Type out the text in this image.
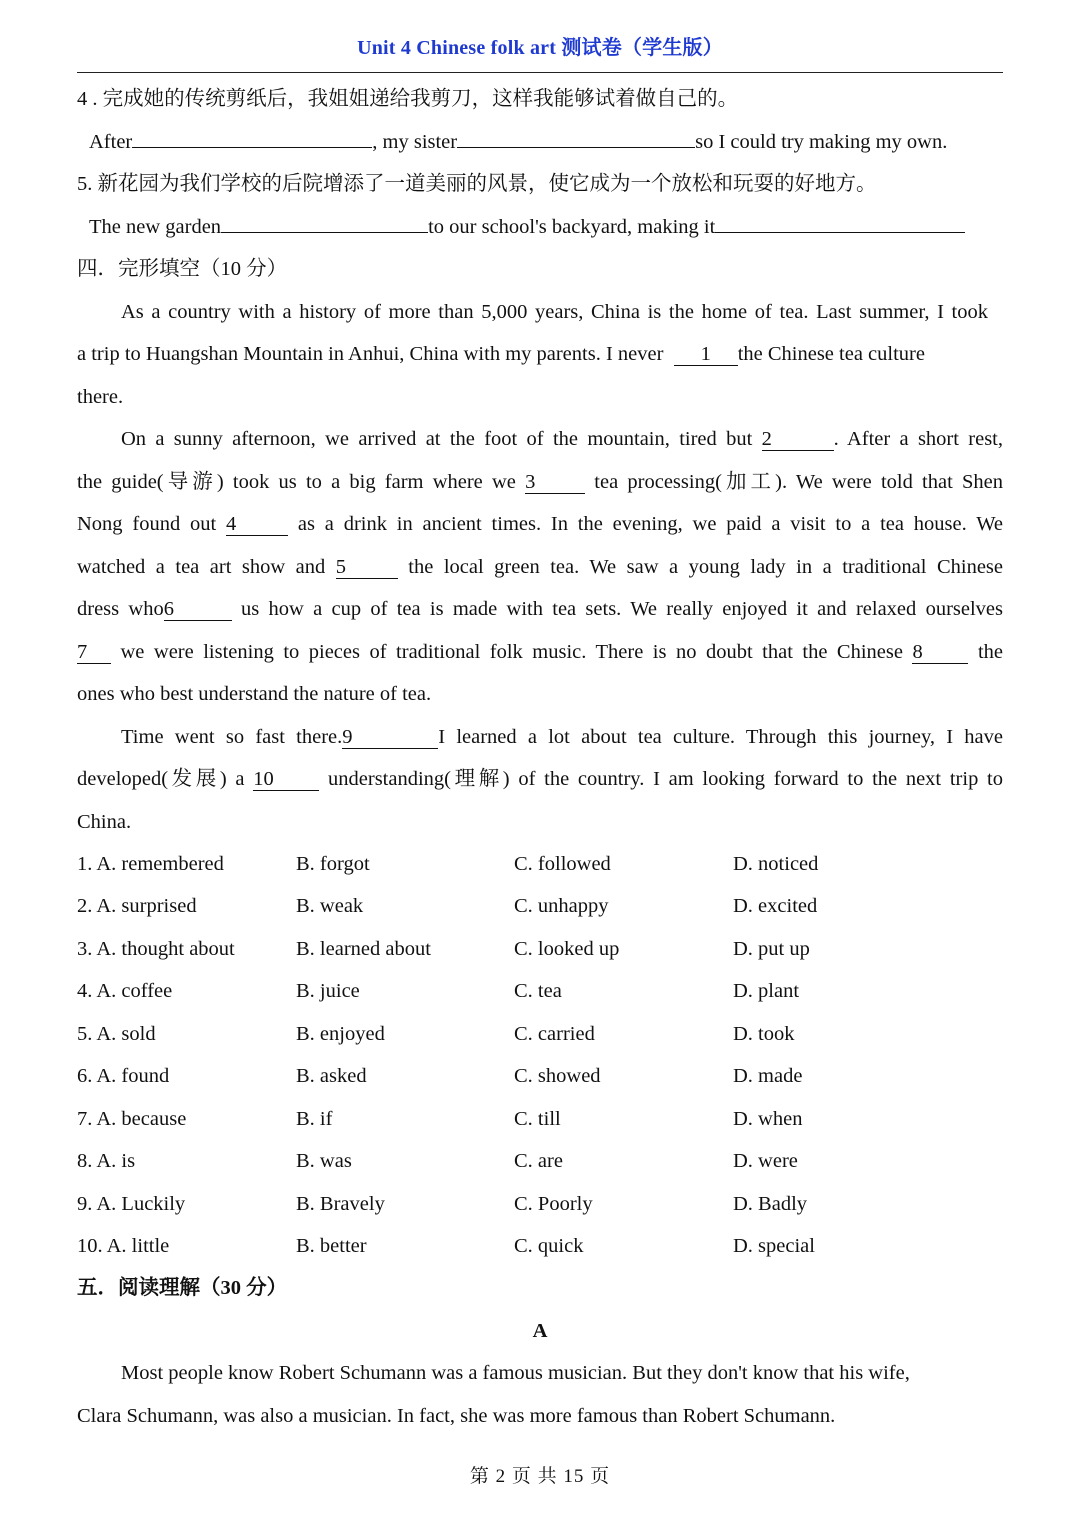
Unit 4 Chinese folk art 测试卷（学生版）
4 . 完成她的传统剪纸后，我姐姐递给我剪刀，这样我能够试着做自己的。
After	, my sister	so I could try making my own.
5. 新花园为我们学校的后院增添了一道美丽的风景，使它成为一个放松和玩耍的好地方。
The new garden	to our school's backyard, making it
四．完形填空（10 分）
As a country with a history of more than 5,000 years, China is the home of tea. Last summer, I took
a trip to Huangshan Mountain in Anhui, China with my parents. I never 1 the Chinese tea culture
there.
On a sunny afternoon, we arrived at the foot of the mountain, tired but 2	. After a short rest,
the guide(导游) took us to a big farm where we 3	tea processing(加工). We were told that Shen
Nong found out 4	as a drink in ancient times. In the evening, we paid a visit to a tea house. We
watched a tea art show and 5	the local green tea. We saw a young lady in a traditional Chinese
dress who6	us how a cup of tea is made with tea sets. We really enjoyed it and relaxed ourselves
7 we were listening to pieces of traditional folk music. There is no doubt that the Chinese 8	the
ones who best understand the nature of tea.
Time went so fast there.9	I learned a lot about tea culture. Through this journey, I have
developed(发展) a 10	understanding(理解) of the country. I am looking forward to the next trip to
China.
1. A. remembered	B. forgot	C. followed	D. noticed
2. A. surprised	B. weak	C. unhappy	D. excited
3. A. thought about	B. learned about	C. looked up	D. put up
4. A. coffee	B. juice	C. tea	D. plant
5. A. sold	B. enjoyed	C. carried	D. took
6. A. found	B. asked	C. showed	D. made
7. A. because	B. if	C. till	D. when
8. A. is	B. was	C. are	D. were
9. A. Luckily	B. Bravely	C. Poorly	D. Badly
10. A. little	B. better	C. quick	D. special
五．阅读理解（30 分）
A
Most people know Robert Schumann was a famous musician. But they don't know that his wife,
Clara Schumann, was also a musician. In fact, she was more famous than Robert Schumann.
第 2 页 共 15 页
